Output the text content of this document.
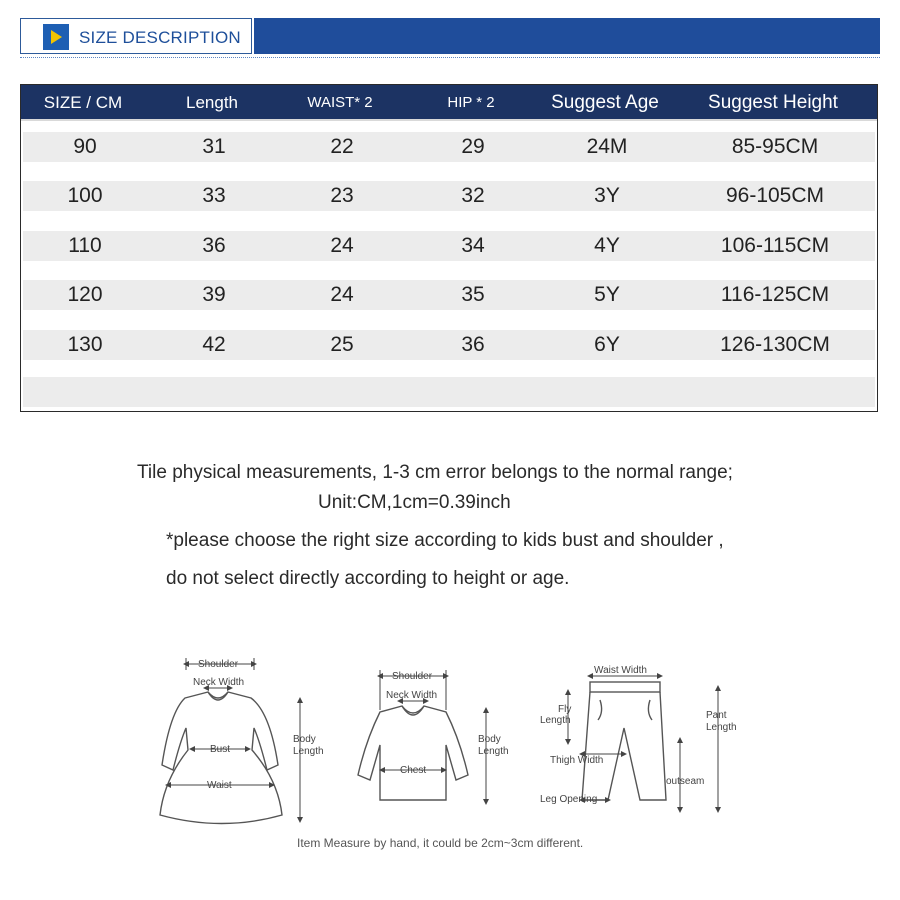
SIZE DESCRIPTION
SIZE / CM	Length	WAIST* 2	HIP * 2	Suggest Age	Suggest Height
90	31	22	29	24M	85-95CM
100	33	23	32	3Y	96-105CM
110	36	24	34	4Y	106-115CM
120	39	24	35	5Y	116-125CM
130	42	25	36	6Y	126-130CM
Tile physical measurements, 1-3 cm error belongs to the normal range;
Unit:CM,1cm=0.39inch
*please choose the right size according to kids bust and shoulder ,
do not select directly according to height or age.
Shoulder
Neck Width
Bust
Waist
Body
Length
Shoulder
Neck Width
Chest
Body
Length
Waist Width
Fly
Length
Thigh Width
Leg Opening
outseam
Pant
Length
Item Measure by hand, it could be 2cm~3cm different.
